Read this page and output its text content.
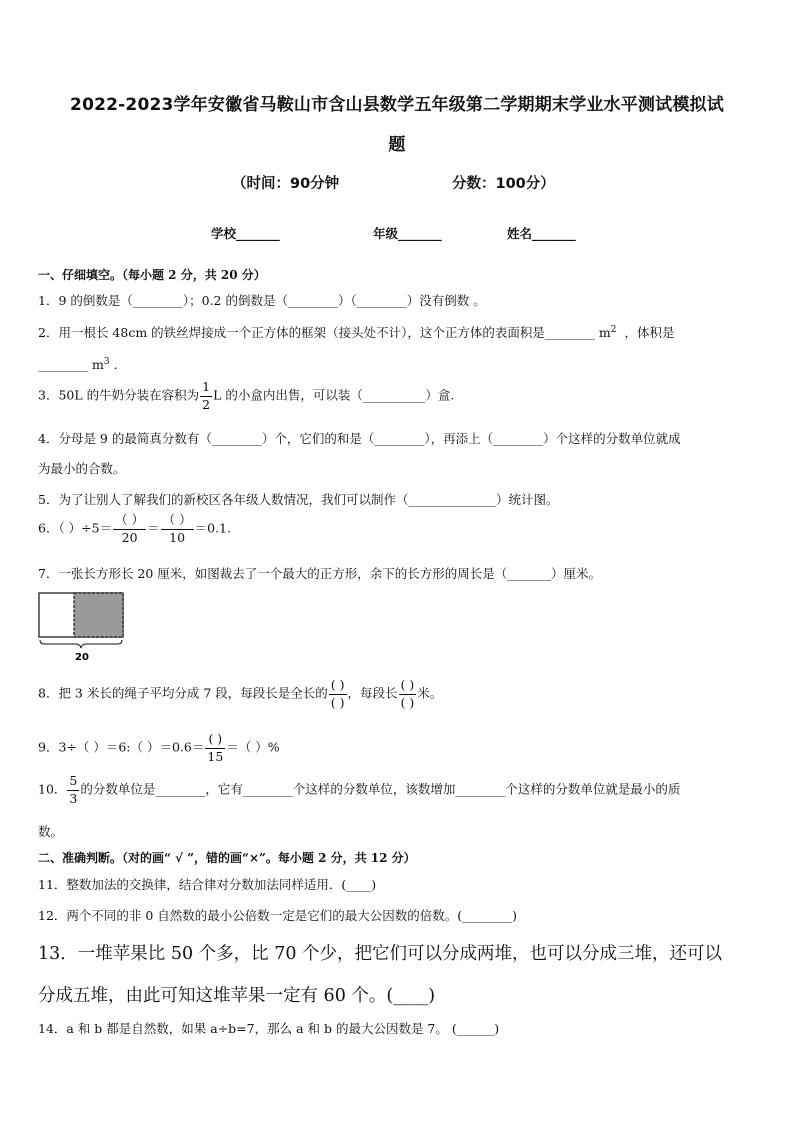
2022-2023学年安徽省马鞍山市含山县数学五年级第二学期期末学业水平测试模拟试
题
（时间：90分钟	分数：100分）
学校_______	年级_______	姓名_______
一、仔细填空。（每小题 2 分，共 20 分）
1．9 的倒数是（________）；0.2 的倒数是（________）（________）没有倒数 。
2．用一根长 48cm 的铁丝焊接成一个正方体的框架（接头处不计），这个正方体的表面积是________ $m^2$ ，体积是
________ $m^3$ ．
3．50L 的牛奶分装在容积为 $\frac{1}{2}$ L 的小盒内出售，可以装（__________）盒.
4．分母是 9 的最简真分数有（________）个，它们的和是（________），再添上（________）个这样的分数单位就成
为最小的合数。
5．为了让别人了解我们的新校区各年级人数情况，我们可以制作（______________）统计图。
6．（ ）$\div 5= \frac{( )}{20} = \frac{( )}{10} =0.1$.
7．一张长方形长 20 厘米，如图裁去了一个最大的正方形，余下的长方形的周长是（_______）厘米。
20
8．把 3 米长的绳子平均分成 7 段，每段长是全长的 $\frac{( )}{( )}$ ，每段长 $\frac{( )}{( )}$ 米。
9．3÷（ ）＝6:（ ）$=0.6= \frac{( )}{15}$ ＝（ ）%
10． $\frac{5}{3}$ 的分数单位是________，它有________个这样的分数单位，该数增加________个这样的分数单位就是最小的质
数。
二、准确判断。（对的画“ √ ”，错的画“×”。每小题 2 分，共 12 分）
11．整数加法的交换律，结合律对分数加法同样适用．(____)
12．两个不同的非 0 自然数的最小公倍数一定是它们的最大公因数的倍数。(________)
13．一堆苹果比 50 个多，比 70 个少，把它们可以分成两堆，也可以分成三堆，还可以
分成五堆，由此可知这堆苹果一定有 60 个。(____)
14．a 和 b 都是自然数，如果 a÷b=7，那么 a 和 b 的最大公因数是 7。 (______)
